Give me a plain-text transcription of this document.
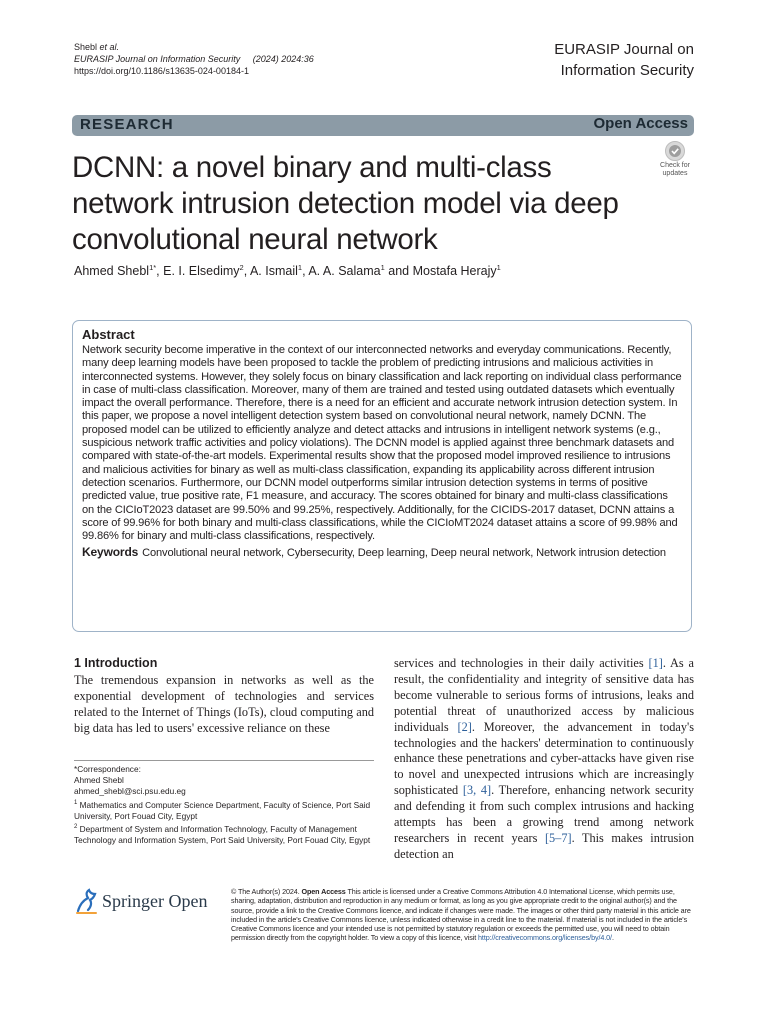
Shebl et al.
EURASIP Journal on Information Security (2024) 2024:36
https://doi.org/10.1186/s13635-024-00184-1
EURASIP Journal on
Information Security
RESEARCH	Open Access
DCNN: a novel binary and multi-class network intrusion detection model via deep convolutional neural network
Check for
updates
Ahmed Shebl$^{1*}$, E. I. Elsedimy$^2$, A. Ismail$^1$, A. A. Salama$^1$ and Mostafa Herajy$^1$
Abstract
Network security become imperative in the context of our interconnected networks and everyday communications. Recently, many deep learning models have been proposed to tackle the problem of predicting intrusions and malicious activities in interconnected systems. However, they solely focus on binary classification and lack reporting on individual class performance in case of multi-class classification. Moreover, many of them are trained and tested using outdated datasets which eventually impact the overall performance. Therefore, there is a need for an efficient and accurate network intrusion detection system. In this paper, we propose a novel intelligent detection system based on convolutional neural network, namely DCNN. The proposed model can be utilized to efficiently analyze and detect attacks and intrusions in intelligent network systems (e.g., suspicious network traffic activities and policy violations). The DCNN model is applied against three benchmark datasets and compared with state-of-the-art models. Experimental results show that the proposed model improved resilience to intrusions and malicious activities for binary as well as multi-class classification, expanding its applicability across different intrusion detection scenarios. Furthermore, our DCNN model outperforms similar intrusion detection systems in terms of positive predicted value, true positive rate, F1 measure, and accuracy. The scores obtained for binary and multi-class classifications on the CICIoT2023 dataset are 99.50% and 99.25%, respectively. Additionally, for the CICIDS-2017 dataset, DCNN attains a score of 99.96% for both binary and multi-class classifications, while the CICIoMT2024 dataset attains a score of 99.98% and 99.86% for binary and multi-class classifications, respectively.
Keywords Convolutional neural network, Cybersecurity, Deep learning, Deep neural network, Network intrusion detection
1 Introduction
The tremendous expansion in networks as well as the exponential development of technologies and services related to the Internet of Things (IoTs), cloud computing and big data has led to users' excessive reliance on these
services and technologies in their daily activities [1]. As a result, the confidentiality and integrity of sensitive data has become vulnerable to serious forms of intrusions, leaks and potential threat of unauthorized access by malicious individuals [2]. Moreover, the advancement in today's technologies and the hackers' determination to continuously enhance these penetrations and cyber-attacks have given rise to novel and unexpected intrusions which are increasingly sophisticated [3, 4]. Therefore, enhancing network security and defending it from such complex intrusions and hacking attempts has been a growing trend among network researchers in recent years [5–7]. This makes intrusion detection an
*Correspondence:
Ahmed Shebl
ahmed_shebl@sci.psu.edu.eg
$^1$ Mathematics and Computer Science Department, Faculty of Science, Port Said University, Port Fouad City, Egypt
$^2$ Department of System and Information Technology, Faculty of Management Technology and Information System, Port Said University, Port Fouad City, Egypt
Springer Open	© The Author(s) 2024. Open Access This article is licensed under a Creative Commons Attribution 4.0 International License, which permits use, sharing, adaptation, distribution and reproduction in any medium or format, as long as you give appropriate credit to the original author(s) and the source, provide a link to the Creative Commons licence, and indicate if changes were made. The images or other third party material in this article are included in the article's Creative Commons licence, unless indicated otherwise in a credit line to the material. If material is not included in the article's Creative Commons licence and your intended use is not permitted by statutory regulation or exceeds the permitted use, you will need to obtain permission directly from the copyright holder. To view a copy of this licence, visit http://creativecommons.org/licenses/by/4.0/.
